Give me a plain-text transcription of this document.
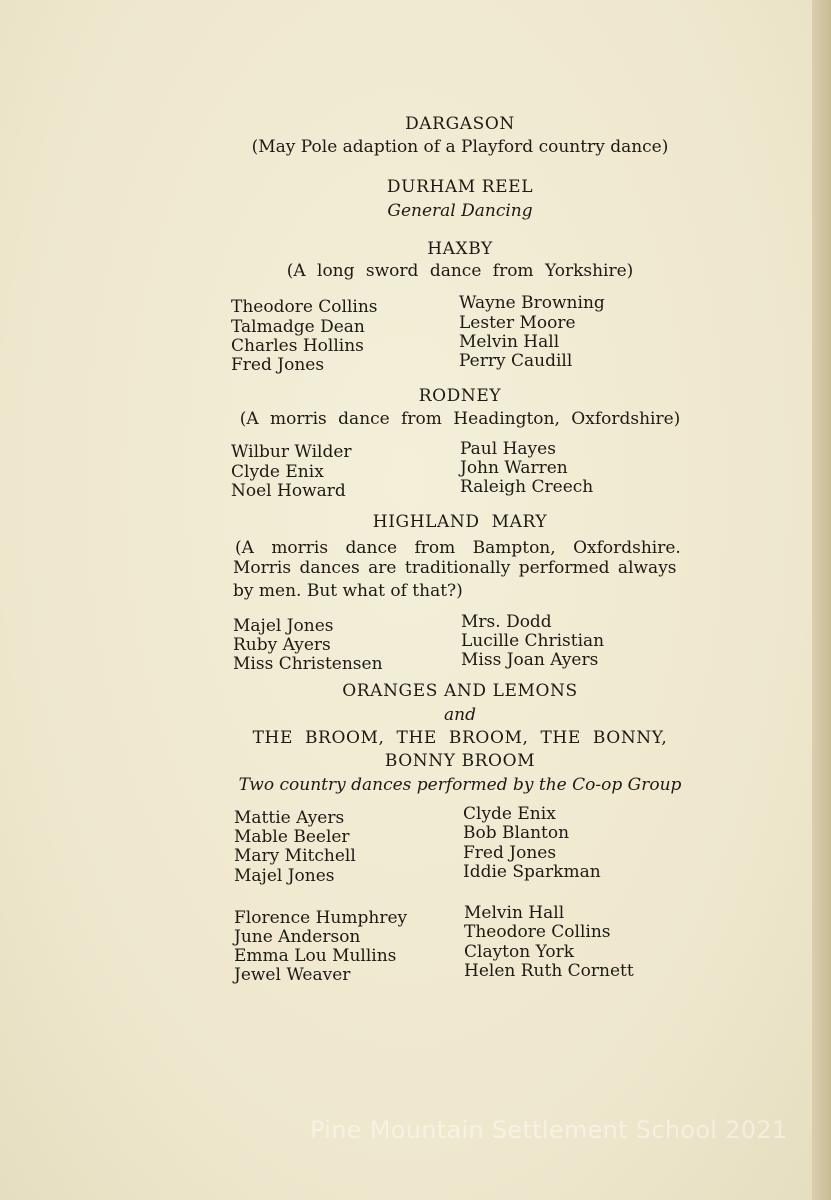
DARGASON
(May Pole adaption of a Playford country dance)
DURHAM REEL
General Dancing
HAXBY
(A long sword dance from Yorkshire)
Theodore Collins
Talmadge Dean
Charles Hollins
Fred Jones
Wayne Browning
Lester Moore
Melvin Hall
Perry Caudill
RODNEY
(A morris dance from Headington, Oxfordshire)
Wilbur Wilder
Clyde Enix
Noel Howard
Paul Hayes
John Warren
Raleigh Creech
HIGHLAND MARY
(A morris dance from Bampton, Oxfordshire.
Morris dances are traditionally performed always
by men. But what of that?)
Majel Jones
Ruby Ayers
Miss Christensen
Mrs. Dodd
Lucille Christian
Miss Joan Ayers
ORANGES AND LEMONS
and
THE BROOM, THE BROOM, THE BONNY,
BONNY BROOM
Two country dances performed by the Co-op Group
Mattie Ayers
Mable Beeler
Mary Mitchell
Majel Jones
Clyde Enix
Bob Blanton
Fred Jones
Iddie Sparkman
Florence Humphrey
June Anderson
Emma Lou Mullins
Jewel Weaver
Melvin Hall
Theodore Collins
Clayton York
Helen Ruth Cornett
Pine Mountain Settlement School 2021
